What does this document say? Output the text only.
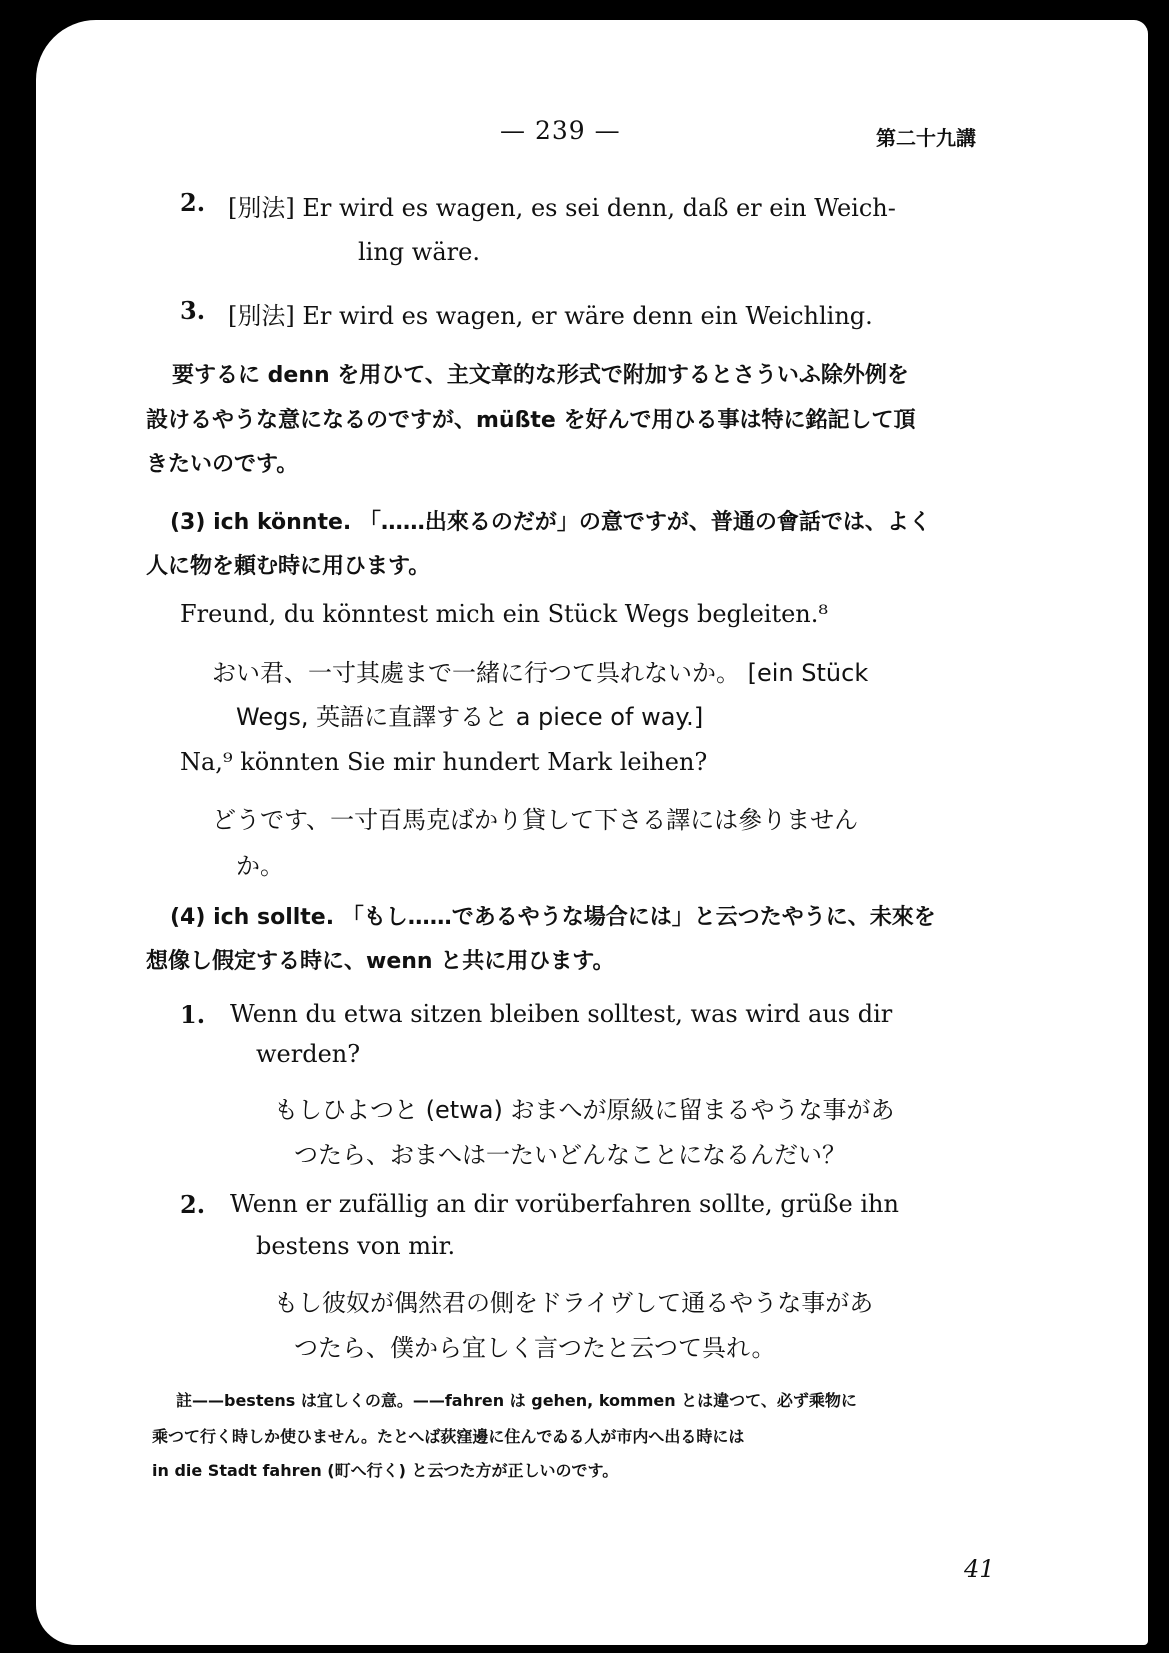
— 239 —	第二十九講

2. [別法] Er wird es wagen, es sei denn, daß er ein Weich-

ling wäre.

3. [別法] Er wird es wagen, er wäre denn ein Weichling.

要するに denn を用ひて、主文章的な形式で附加するとさういふ除外例を

設けるやうな意になるのですが、müßte を好んで用ひる事は特に銘記して頂

きたいのです。

(3) ich könnte. 「……出來るのだが」の意ですが、普通の會話では、よく

人に物を頼む時に用ひます。

Freund, du könntest mich ein Stück Wegs begleiten.⁸

おい君、一寸其處まで一緒に行つて呉れないか。 [ein Stück

Wegs, 英語に直譯すると a piece of way.]

Na,⁹ könnten Sie mir hundert Mark leihen?

どうです、一寸百馬克ばかり貸して下さる譯には參りません

か。

(4) ich sollte. 「もし……であるやうな場合には」と云つたやうに、未來を

想像し假定する時に、wenn と共に用ひます。

1. Wenn du etwa sitzen bleiben solltest, was wird aus dir

werden?

もしひよつと (etwa) おまへが原級に留まるやうな事があ

つたら、おまへは一たいどんなことになるんだい？

2. Wenn er zufällig an dir vorüberfahren sollte, grüße ihn

bestens von mir.

もし彼奴が偶然君の側をドライヴして通るやうな事があ

つたら、僕から宜しく言つたと云つて呉れ。

註——bestens は宜しくの意。——fahren は gehen, kommen とは違つて、必ず乘物に

乘つて行く時しか使ひません。たとへば荻窪邊に住んでゐる人が市内へ出る時には

in die Stadt fahren (町へ行く) と云つた方が正しいのです。

41
